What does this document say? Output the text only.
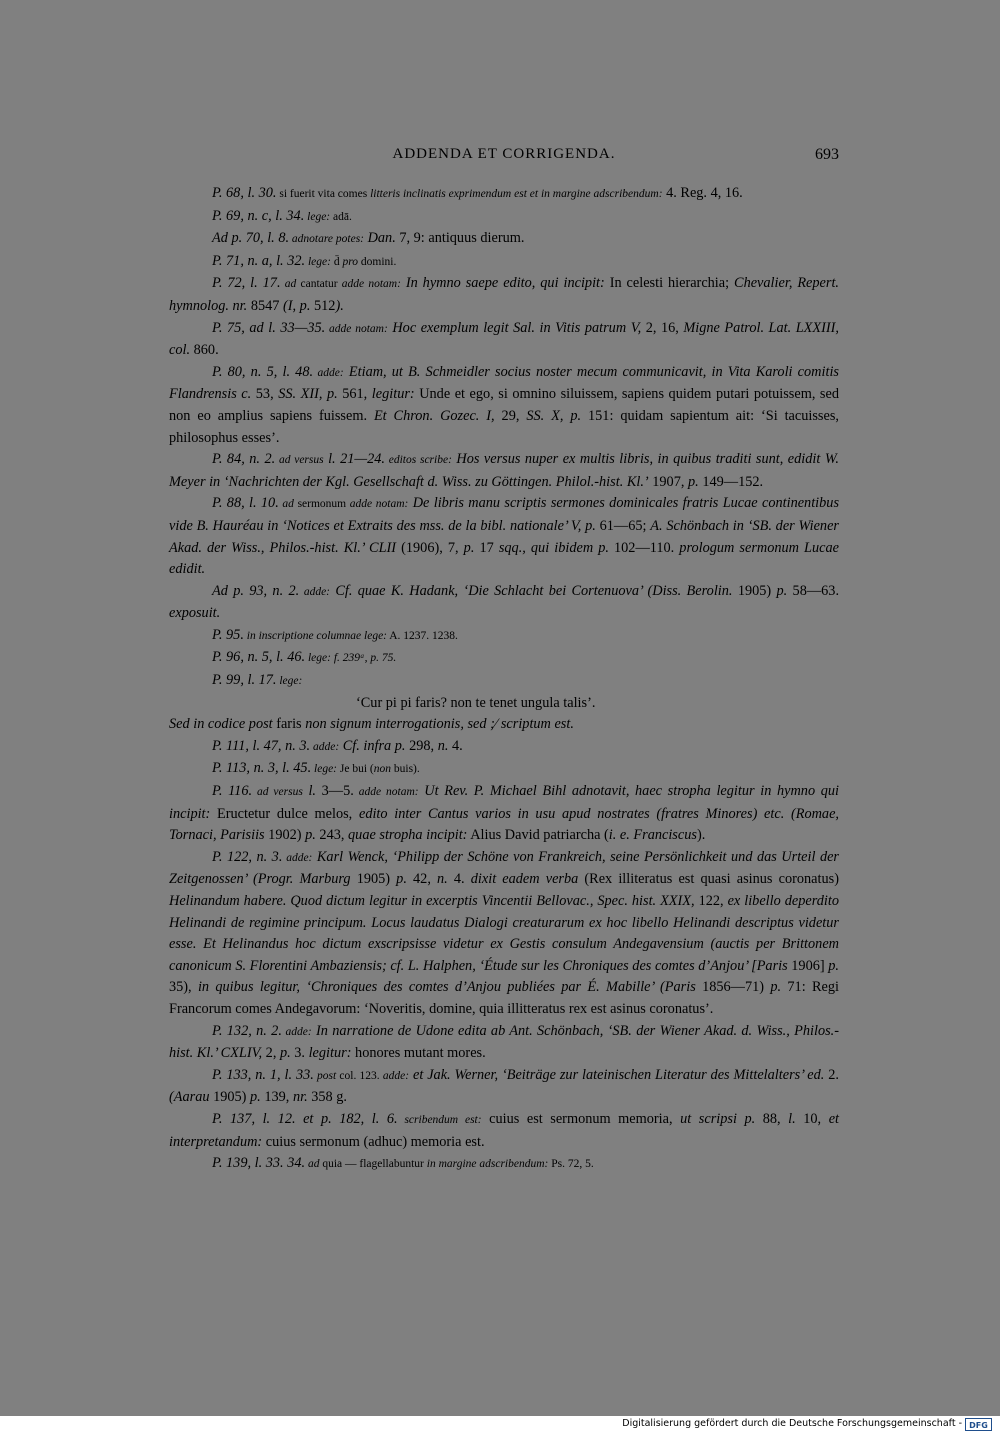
ADDENDA ET CORRIGENDA.	693

P. 68, l. 30. si fuerit vita comes litteris inclinatis exprimendum est et in margine adscribendum: 4. Reg. 4, 16.

P. 69, n. c, l. 34. lege: adā.

Ad p. 70, l. 8. adnotare potes: Dan. 7, 9: antiquus dierum.

P. 71, n. a, l. 32. lege: d̄ pro domini.

P. 72, l. 17. ad cantatur adde notam: In hymno saepe edito, qui incipit: In celesti hierarchia; Chevalier, Repert. hymnolog. nr. 8547 (I, p. 512).

P. 75, ad l. 33—35. adde notam: Hoc exemplum legit Sal. in Vitis patrum V, 2, 16, Migne Patrol. Lat. LXXIII, col. 860.

P. 80, n. 5, l. 48. adde: Etiam, ut B. Schmeidler socius noster mecum communicavit, in Vita Karoli comitis Flandrensis c. 53, SS. XII, p. 561, legitur: Unde et ego, si omnino siluissem, sapiens quidem putari potuissem, sed non eo amplius sapiens fuissem. Et Chron. Gozec. I, 29, SS. X, p. 151: quidam sapientum ait: ‘Si tacuisses, philosophus esses’.

P. 84, n. 2. ad versus l. 21—24. editos scribe: Hos versus nuper ex multis libris, in quibus traditi sunt, edidit W. Meyer in ‘Nachrichten der Kgl. Gesellschaft d. Wiss. zu Göttingen. Philol.-hist. Kl.’ 1907, p. 149—152.

P. 88, l. 10. ad sermonum adde notam: De libris manu scriptis sermones dominicales fratris Lucae continentibus vide B. Hauréau in ‘Notices et Extraits des mss. de la bibl. nationale’ V, p. 61—65; A. Schönbach in ‘SB. der Wiener Akad. der Wiss., Philos.-hist. Kl.’ CLII (1906), 7, p. 17 sqq., qui ibidem p. 102—110. prologum sermonum Lucae edidit.

Ad p. 93, n. 2. adde: Cf. quae K. Hadank, ‘Die Schlacht bei Cortenuova’ (Diss. Berolin. 1905) p. 58—63. exposuit.

P. 95. in inscriptione columnae lege: A. 1237. 1238.

P. 96, n. 5, l. 46. lege: f. 239ᵃ, p. 75.

P. 99, l. 17. lege:

‘Cur pi pi faris? non te tenet ungula talis’.

Sed in codice post faris non signum interrogationis, sed ;⁄ scriptum est.

P. 111, l. 47, n. 3. adde: Cf. infra p. 298, n. 4.

P. 113, n. 3, l. 45. lege: Je bui (non buis).

P. 116. ad versus l. 3—5. adde notam: Ut Rev. P. Michael Bihl adnotavit, haec stropha legitur in hymno qui incipit: Eructetur dulce melos, edito inter Cantus varios in usu apud nostrates (fratres Minores) etc. (Romae, Tornaci, Parisiis 1902) p. 243, quae stropha incipit: Alius David patriarcha (i. e. Franciscus).

P. 122, n. 3. adde: Karl Wenck, ‘Philipp der Schöne von Frankreich, seine Persönlichkeit und das Urteil der Zeitgenossen’ (Progr. Marburg 1905) p. 42, n. 4. dixit eadem verba (Rex illiteratus est quasi asinus coronatus) Helinandum habere. Quod dictum legitur in excerptis Vincentii Bellovac., Spec. hist. XXIX, 122, ex libello deperdito Helinandi de regimine principum. Locus laudatus Dialogi creaturarum ex hoc libello Helinandi descriptus videtur esse. Et Helinandus hoc dictum exscripsisse videtur ex Gestis consulum Andegavensium (auctis per Brittonem canonicum S. Florentini Ambaziensis; cf. L. Halphen, ‘Étude sur les Chroniques des comtes d’Anjou’ [Paris 1906] p. 35), in quibus legitur, ‘Chroniques des comtes d’Anjou publiées par É. Mabille’ (Paris 1856—71) p. 71: Regi Francorum comes Andegavorum: ‘Noveritis, domine, quia illitteratus rex est asinus coronatus’.

P. 132, n. 2. adde: In narratione de Udone edita ab Ant. Schönbach, ‘SB. der Wiener Akad. d. Wiss., Philos.-hist. Kl.’ CXLIV, 2, p. 3. legitur: honores mutant mores.

P. 133, n. 1, l. 33. post col. 123. adde: et Jak. Werner, ‘Beiträge zur lateinischen Literatur des Mittelalters’ ed. 2. (Aarau 1905) p. 139, nr. 358 g.

P. 137, l. 12. et p. 182, l. 6. scribendum est: cuius est sermonum memoria, ut scripsi p. 88, l. 10, et interpretandum: cuius sermonum (adhuc) memoria est.

P. 139, l. 33. 34. ad quia — flagellabuntur in margine adscribendum: Ps. 72, 5.

Digitalisierung gefördert durch die Deutsche Forschungsgemeinschaft - DFG
